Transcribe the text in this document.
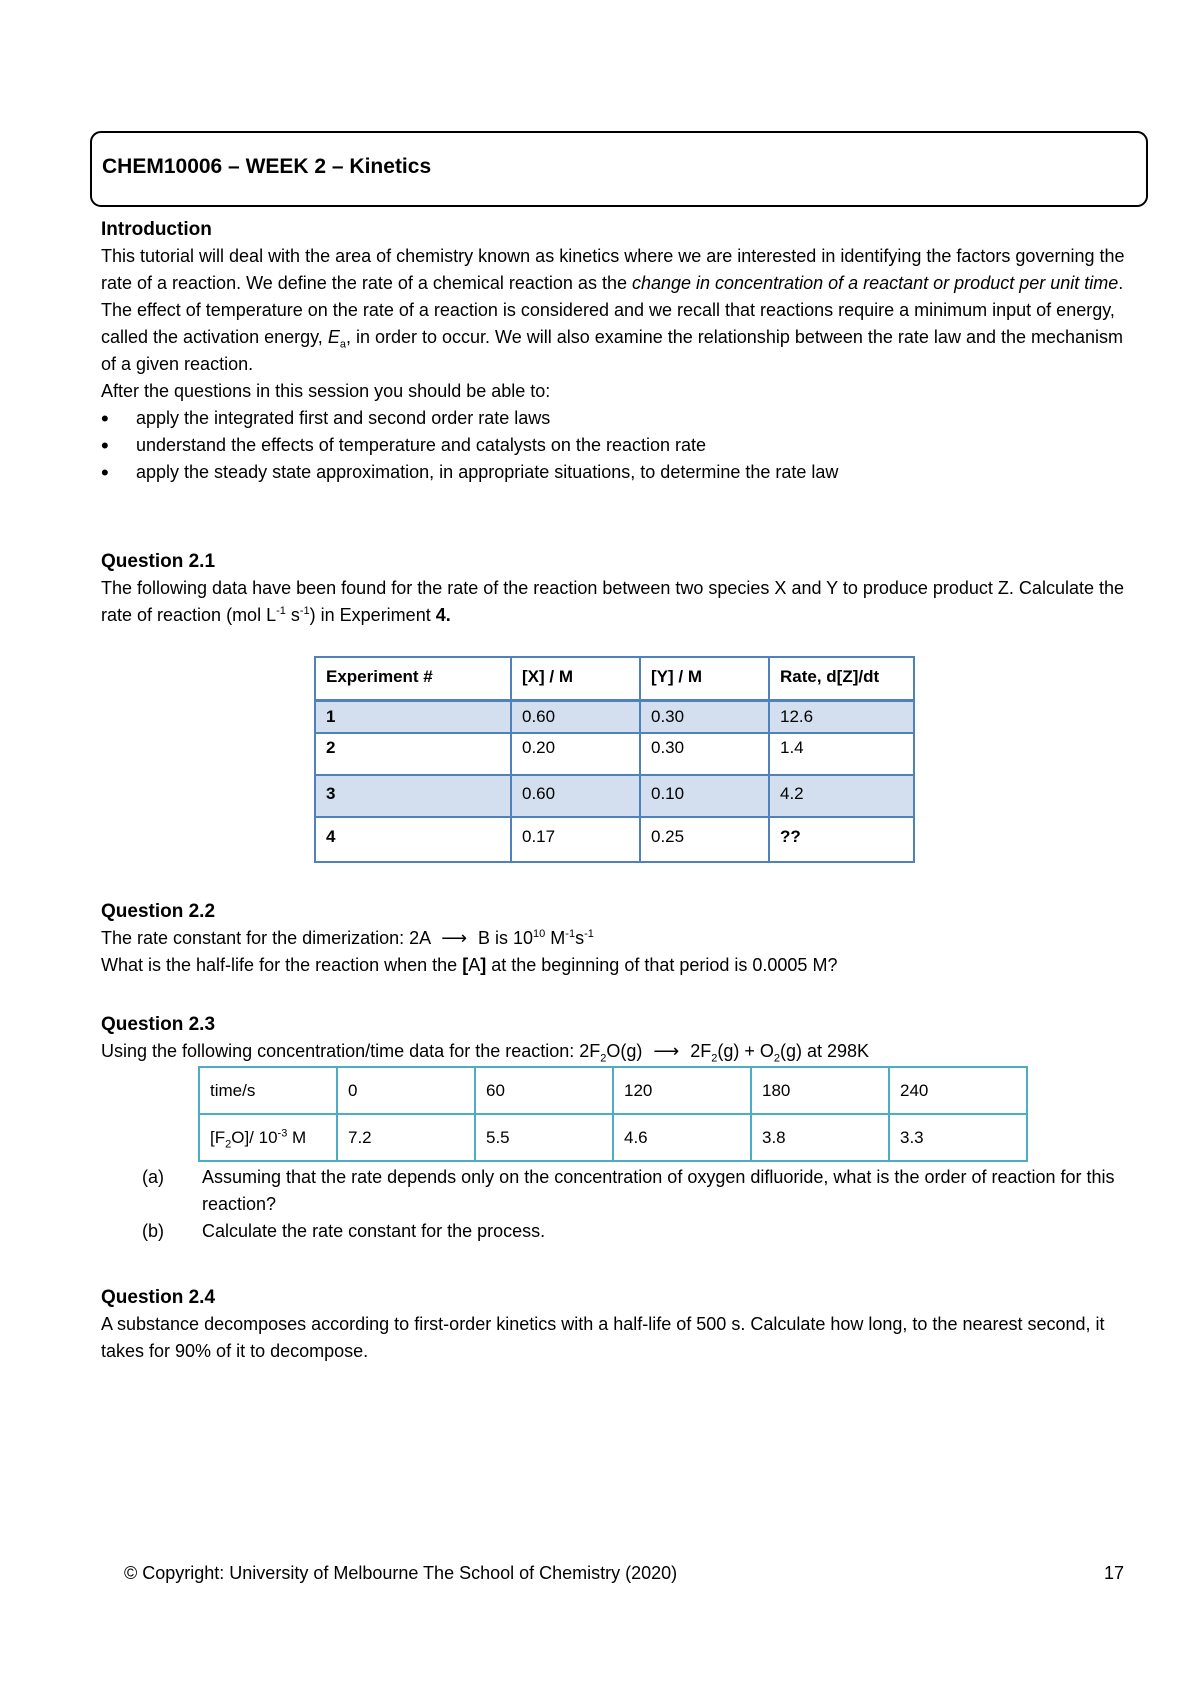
CHEM10006 – WEEK 2 – Kinetics
Introduction

This tutorial will deal with the area of chemistry known as kinetics where we are interested in identifying the factors governing the rate of a reaction. We define the rate of a chemical reaction as the change in concentration of a reactant or product per unit time. The effect of temperature on the rate of a reaction is considered and we recall that reactions require a minimum input of energy, called the activation energy, $E_a$, in order to occur. We will also examine the relationship between the rate law and the mechanism of a given reaction.

After the questions in this session you should be able to:

• apply the integrated first and second order rate laws
• understand the effects of temperature and catalysts on the reaction rate
• apply the steady state approximation, in appropriate situations, to determine the rate law
Question 2.1

The following data have been found for the rate of the reaction between two species X and Y to produce product Z. Calculate the rate of reaction (mol $L^{-1}$ $s^{-1}$) in Experiment 4.

Experiment #	[X] / M	[Y] / M	Rate, d[Z]/dt
1	0.60	0.30	12.6
2	0.20	0.30	1.4
3	0.60	0.10	4.2
4	0.17	0.25	??
Question 2.2

The rate constant for the dimerization: 2A ⟶ B is $10^{10}$ $M^{-1}s^{-1}$

What is the half-life for the reaction when the [A] at the beginning of that period is 0.0005 M?

Question 2.3

Using the following concentration/time data for the reaction: $2F_2O(g)$ ⟶ $2F_2(g) + O_2(g)$ at 298K

time/s	0	60	120	180	240
$[F_2O]/$ $10^{-3}$ M	7.2	5.5	4.6	3.8	3.3
(a)	Assuming that the rate depends only on the concentration of oxygen difluoride, what is the order of reaction for this reaction?
(b)	Calculate the rate constant for the process.
Question 2.4

A substance decomposes according to first-order kinetics with a half-life of 500 s. Calculate how long, to the nearest second, it takes for 90% of it to decompose.

© Copyright: University of Melbourne The School of Chemistry (2020)	17
